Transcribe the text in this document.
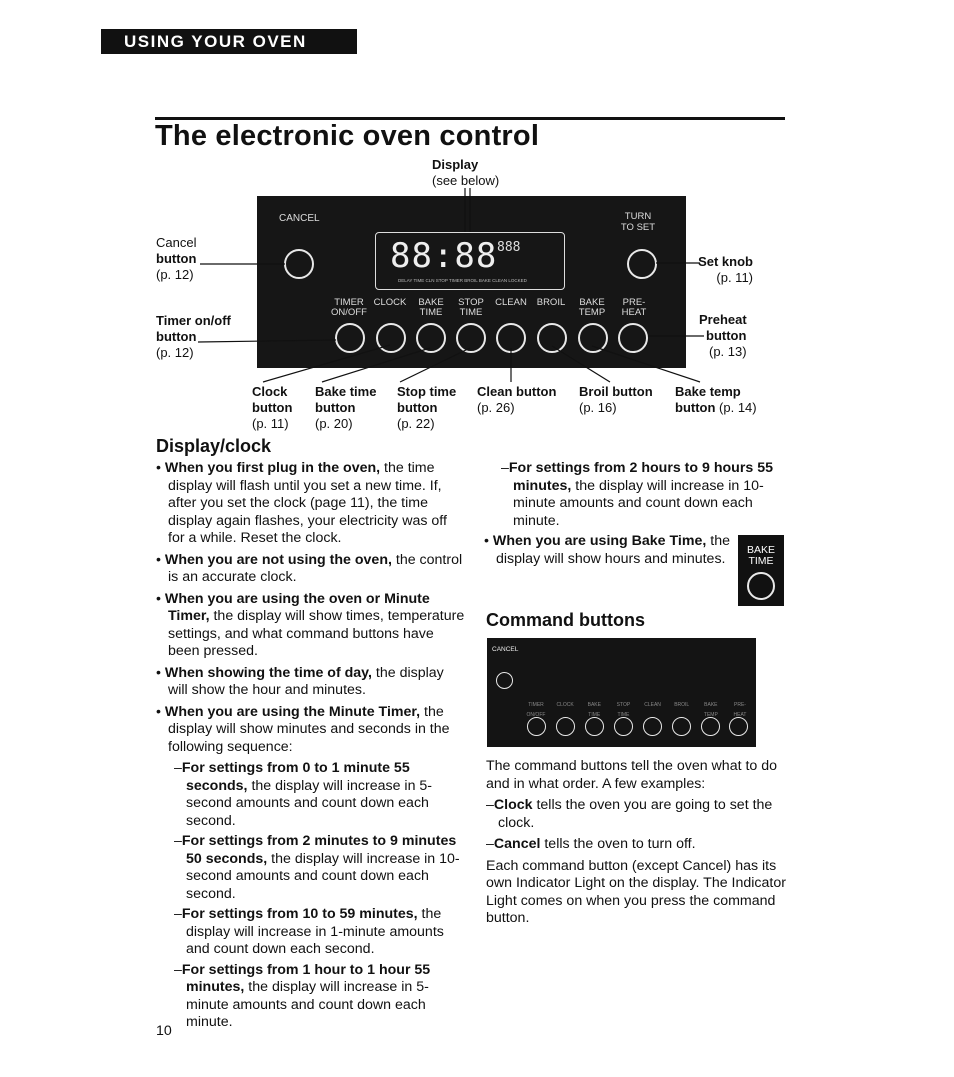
USING YOUR OVEN
The electronic oven control
Display
(see below)
CANCEL	TURN
TO SET
88:88 888
DELAY TIME CLN STOP TIMER BROIL BAKE CLEAN LOCKED
TIMER
ON/OFF
CLOCK	BAKE
TIME
STOP
TIME
CLEAN	BROIL	BAKE
TEMP
PRE-
HEAT
Cancel
button
(p. 12)
Timer on/off
button
(p. 12)
Set knob
(p. 11)
Preheat
button
(p. 13)
Clock
button
(p. 11)
Bake time
button
(p. 20)
Stop time
button
(p. 22)
Clean button
(p. 26)
Broil button
(p. 16)
Bake temp
button (p. 14)
Display/clock

• When you first plug in the oven, the time display will flash until you set a new time. If, after you set the clock (page 11), the time display again flashes, your electricity was off for a while. Reset the clock.

• When you are not using the oven, the control is an accurate clock.

• When you are using the oven or Minute Timer, the display will show times, temperature settings, and what command buttons have been pressed.

• When showing the time of day, the display will show the hour and minutes.

• When you are using the Minute Timer, the display will show minutes and seconds in the following sequence:

–For settings from 0 to 1 minute 55 seconds, the display will increase in 5-second amounts and count down each second.

–For settings from 2 minutes to 9 minutes 50 seconds, the display will increase in 10-second amounts and count down each second.

–For settings from 10 to 59 minutes, the display will increase in 1-minute amounts and count down each second.

–For settings from 1 hour to 1 hour 55 minutes, the display will increase in 5-minute amounts and count down each minute.

–For settings from 2 hours to 9 hours 55 minutes, the display will increase in 10-minute amounts and count down each minute.

• When you are using Bake Time, the display will show hours and minutes.

BAKE
TIME
Command buttons
CANCEL
TIMER ON/OFF
CLOCK	BAKE TIME
STOP TIME
CLEAN	BROIL	BAKE TEMP
PRE- HEAT

The command buttons tell the oven what to do and in what order. A few examples:

–Clock tells the oven you are going to set the clock.

–Cancel tells the oven to turn off.

Each command button (except Cancel) has its own Indicator Light on the display. The Indicator Light comes on when you press the command button.

10
